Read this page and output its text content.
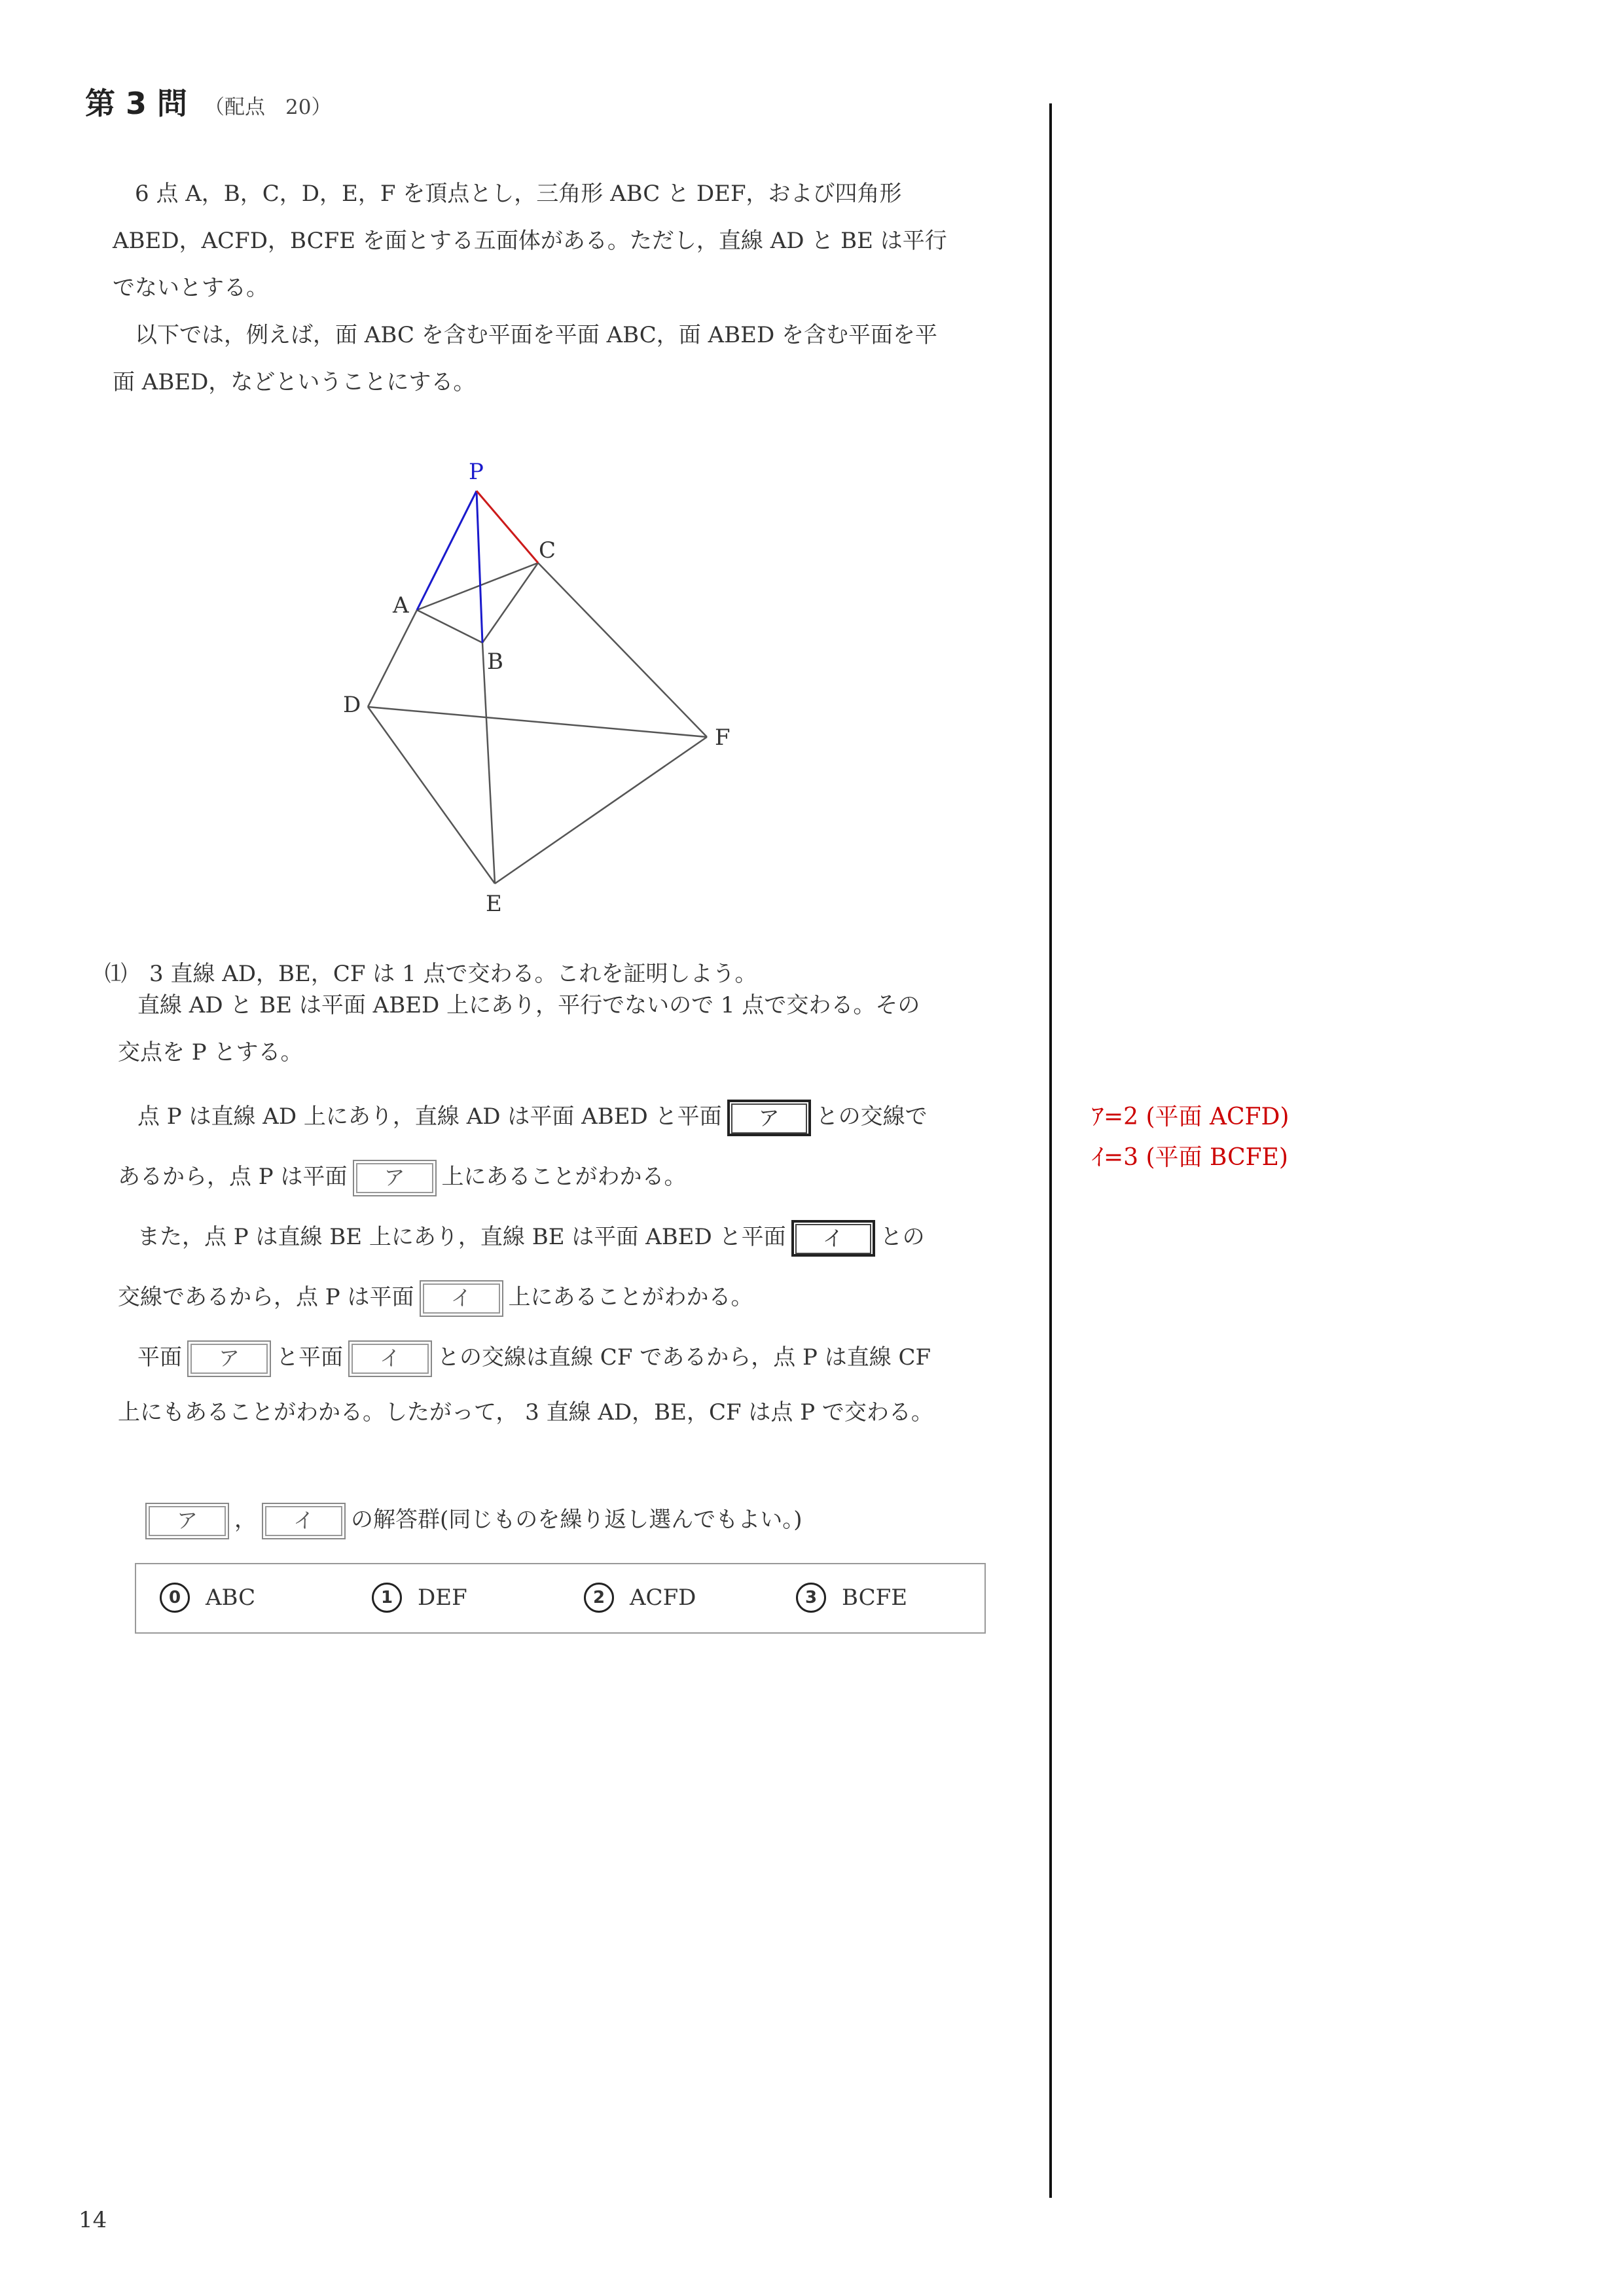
第 3 問 （配点　20）
　6 点 A，B，C，D，E，F を頂点とし，三角形 ABC と DEF，および四角形
ABED，ACFD，BCFE を面とする五面体がある。ただし，直線 AD と BE は平行
でないとする。
　以下では，例えば，面 ABC を含む平面を平面 ABC，面 ABED を含む平面を平
面 ABED，などということにする。
P
A
B
C
D
E
F
⑴　3 直線 AD，BE，CF は 1 点で交わる。これを証明しよう。
直線 AD と BE は平面 ABED 上にあり，平行でないので 1 点で交わる。その
交点を P とする。
点 P は直線 AD 上にあり，直線 AD は平面 ABED と平面	ア	との交線で
あるから，点 P は平面	ア	上にあることがわかる。
また，点 P は直線 BE 上にあり，直線 BE は平面 ABED と平面	イ	との
交線であるから，点 P は平面	イ	上にあることがわかる。
平面	ア	と平面	イ	との交線は直線 CF であるから，点 P は直線 CF
上にもあることがわかる。したがって， 3 直線 AD，BE，CF は点 P で交わる。
ア	，	イ	の解答群(同じものを繰り返し選んでもよい。)
0 ABC	1 DEF	2 ACFD	3 BCFE
ｱ=2 (平面 ACFD)
ｲ=3 (平面 BCFE)
14
